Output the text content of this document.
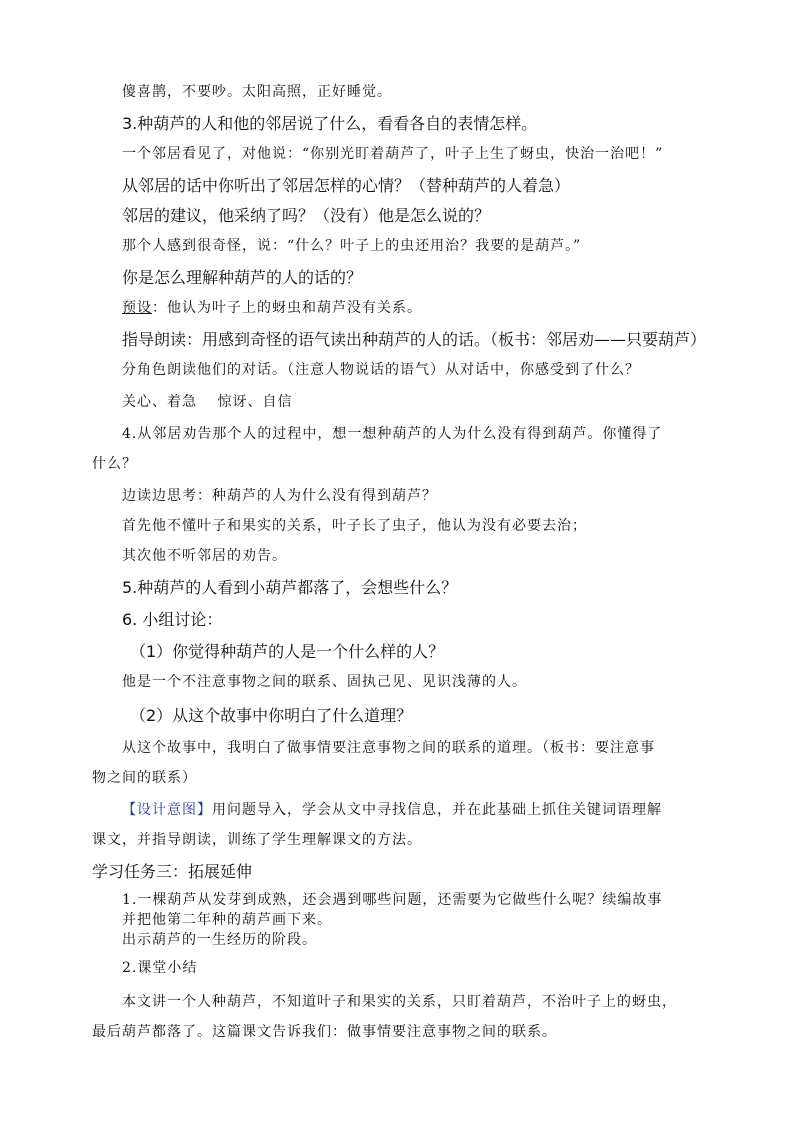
傻喜鹊，不要吵。太阳高照，正好睡觉。
3.种葫芦的人和他的邻居说了什么，看看各自的表情怎样。
一个邻居看见了，对他说：“你别光盯着葫芦了，叶子上生了蚜虫，快治一治吧！”
从邻居的话中你听出了邻居怎样的心情？（替种葫芦的人着急）
邻居的建议，他采纳了吗？（没有）他是怎么说的？
那个人感到很奇怪，说：“什么？叶子上的虫还用治？我要的是葫芦。”
你是怎么理解种葫芦的人的话的？
预设：他认为叶子上的蚜虫和葫芦没有关系。
指导朗读：用感到奇怪的语气读出种葫芦的人的话。（板书：邻居劝——只要葫芦）
分角色朗读他们的对话。（注意人物说话的语气）从对话中，你感受到了什么？
关心、着急　 惊讶、自信
4.从邻居劝告那个人的过程中，想一想种葫芦的人为什么没有得到葫芦。你懂得了
什么？
边读边思考：种葫芦的人为什么没有得到葫芦？
首先他不懂叶子和果实的关系，叶子长了虫子，他认为没有必要去治；
其次他不听邻居的劝告。
5.种葫芦的人看到小葫芦都落了，会想些什么？
6. 小组讨论：
（1）你觉得种葫芦的人是一个什么样的人？
他是一个不注意事物之间的联系、固执己见、见识浅薄的人。
（2）从这个故事中你明白了什么道理？
从这个故事中，我明白了做事情要注意事物之间的联系的道理。（板书：要注意事
物之间的联系）
【设计意图】用问题导入，学会从文中寻找信息，并在此基础上抓住关键词语理解
课文，并指导朗读，训练了学生理解课文的方法。
学习任务三：拓展延伸
1.一棵葫芦从发芽到成熟，还会遇到哪些问题，还需要为它做些什么呢？续编故事
并把他第二年种的葫芦画下来。
出示葫芦的一生经历的阶段。
2.课堂小结
本文讲一个人种葫芦，不知道叶子和果实的关系，只盯着葫芦，不治叶子上的蚜虫，
最后葫芦都落了。这篇课文告诉我们：做事情要注意事物之间的联系。
